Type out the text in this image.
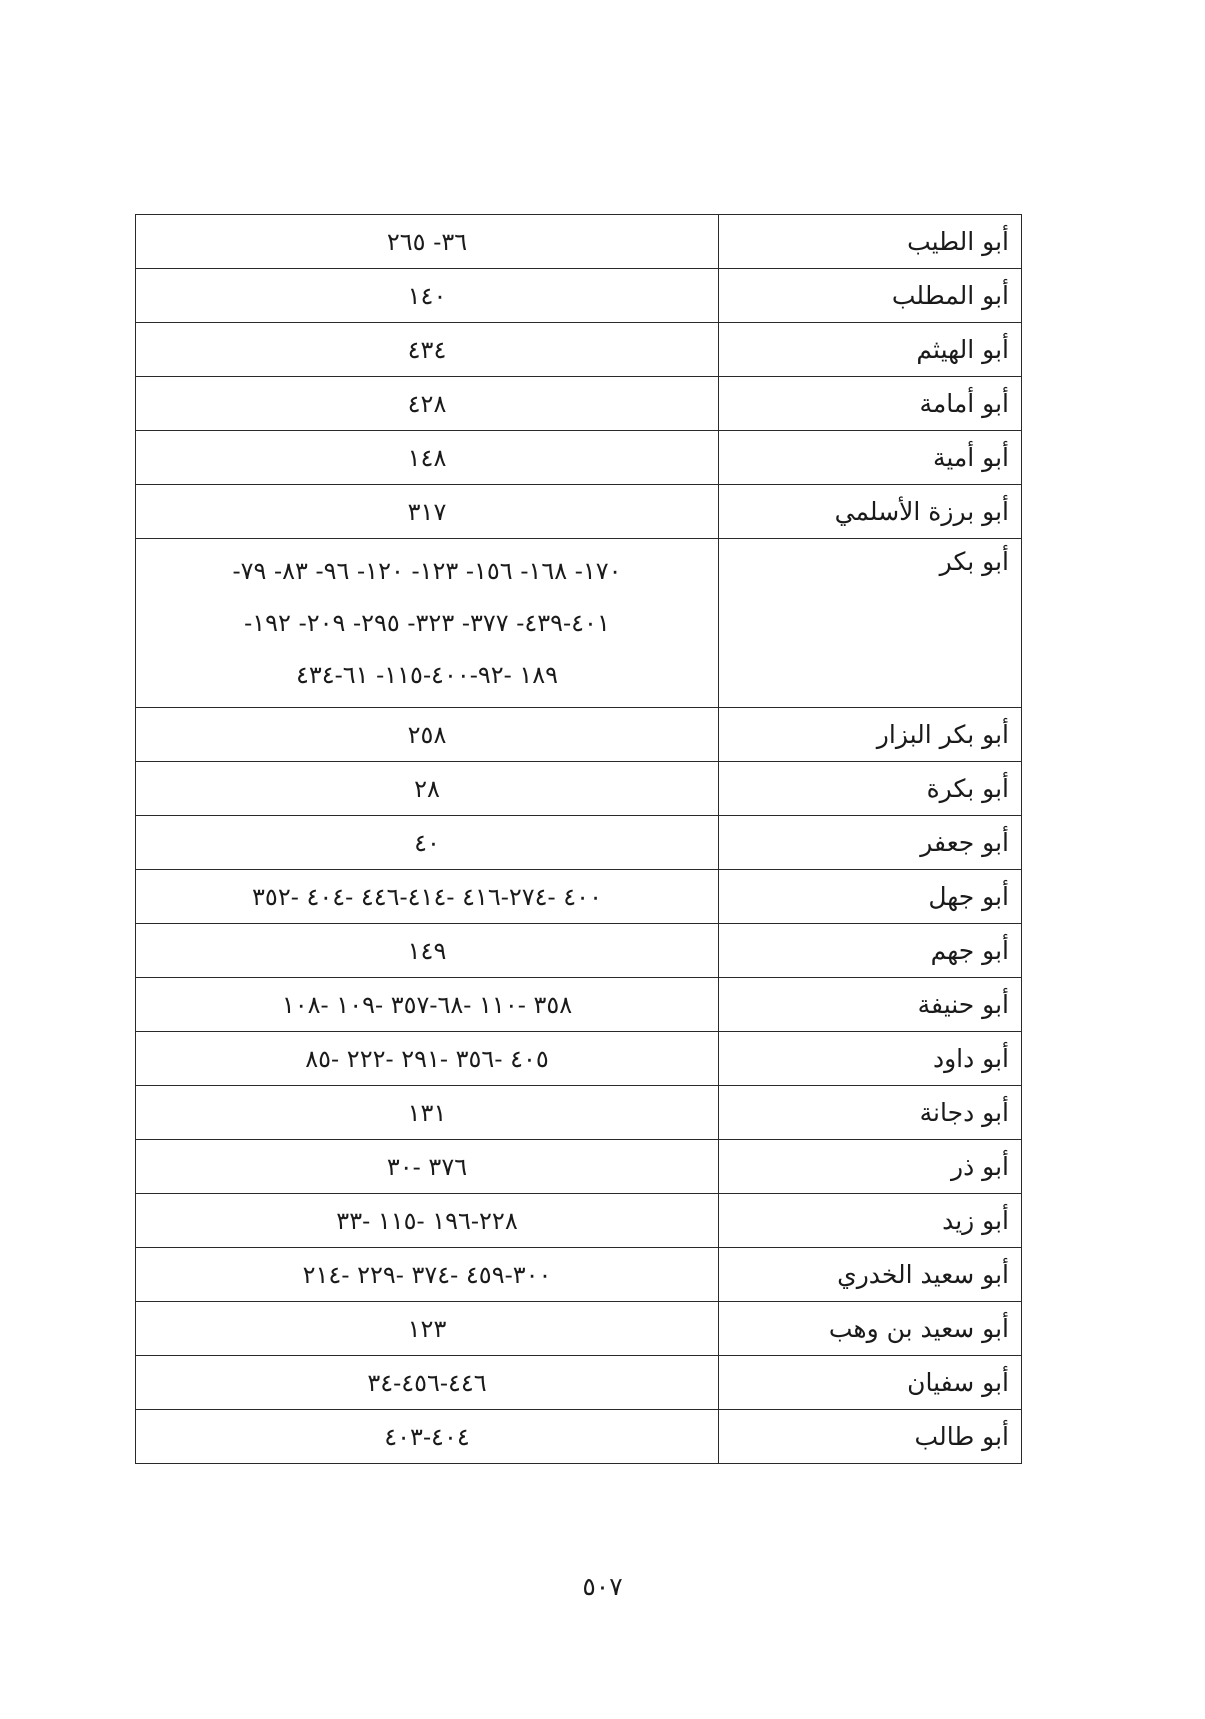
أبو الطيب	٣٦- ٢٦٥

أبو المطلب	١٤٠

أبو الهيثم	٤٣٤

أبو أمامة	٤٢٨

أبو أمية	١٤٨

أبو برزة الأسلمي	٣١٧

أبو بكر	١٧٠- ١٦٨- ١٥٦- ١٢٣- ١٢٠- ٩٦- ٨٣- ٧٩-
٤٠١-٤٣٩- ٣٧٧- ٣٢٣- ٢٩٥- ٢٠٩- ١٩٢-
١٨٩ -٩٢-٤٠٠-١١٥- ٦١-٤٣٤

أبو بكر البزار	٢٥٨

أبو بكرة	٢٨

أبو جعفر	٤٠

أبو جهل	٤٠٠ -٢٧٤-٤١٦ -٤١٤-٤٤٦ -٤٠٤ -٣٥٢

أبو جهم	١٤٩

أبو حنيفة	٣٥٨ -١١٠ -٦٨-٣٥٧ -١٠٩ -١٠٨

أبو داود	٤٠٥ -٣٥٦ -٢٩١ -٢٢٢ -٨٥

أبو دجانة	١٣١

أبو ذر	٣٧٦ -٣٠

أبو زيد	٢٢٨-١٩٦ -١١٥ -٣٣

أبو سعيد الخدري	٣٠٠-٤٥٩ -٣٧٤ -٢٢٩ -٢١٤

أبو سعيد بن وهب	١٢٣

أبو سفيان	٤٤٦-٤٥٦-٣٤

أبو طالب	٤٠٤-٤٠٣
٥٠٧
